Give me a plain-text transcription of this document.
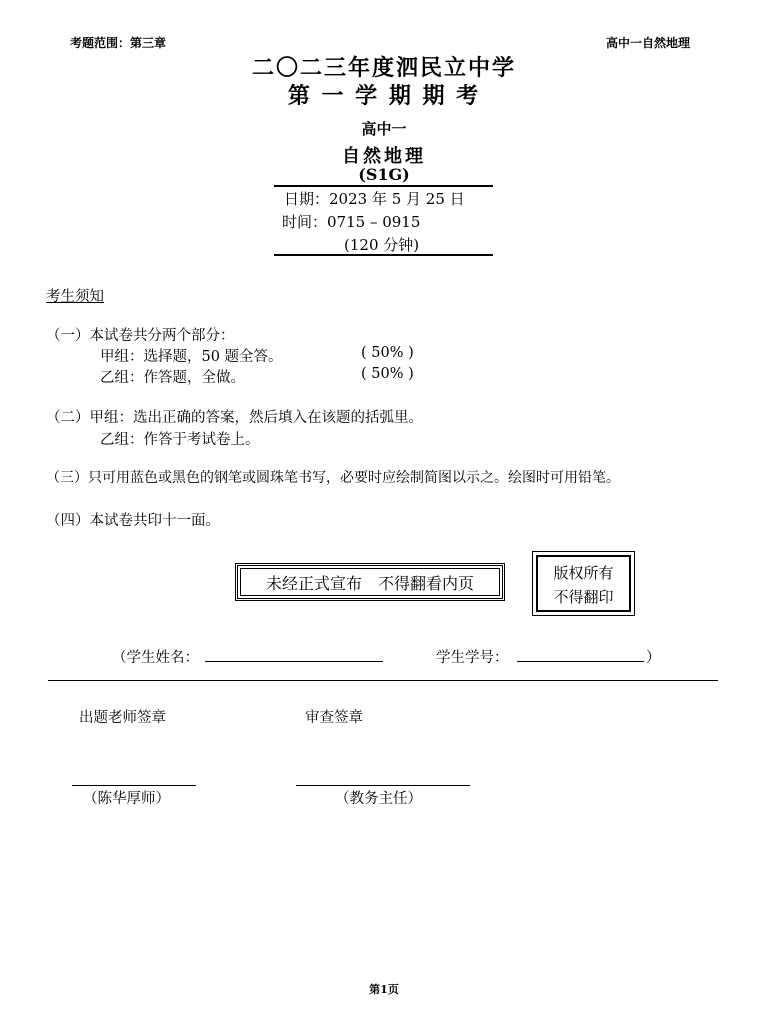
考题范围：第三章	高中一自然地理
二〇二三年度泗民立中学
第 一 学 期 期 考
高中一
自然地理
(S1G)
日期：2023 年 5 月 25 日
时间：0715 – 0915
(120 分钟)
考生须知
（一）本试卷共分两个部分：
甲组：选择题，50 题全答。	( 50% )
乙组：作答题，全做。	( 50% )
（二）甲组：选出正确的答案，然后填入在该题的括弧里。
乙组：作答于考试卷上。
（三）只可用蓝色或黑色的钢笔或圆珠笔书写，必要时应绘制简图以示之。绘图时可用铅笔。
（四）本试卷共印十一面。
未经正式宣布　不得翻看内页
版权所有
不得翻印
（学生姓名：	学生学号：	）
出题老师签章	审查签章
（陈华厚师）	（教务主任）
第1页
